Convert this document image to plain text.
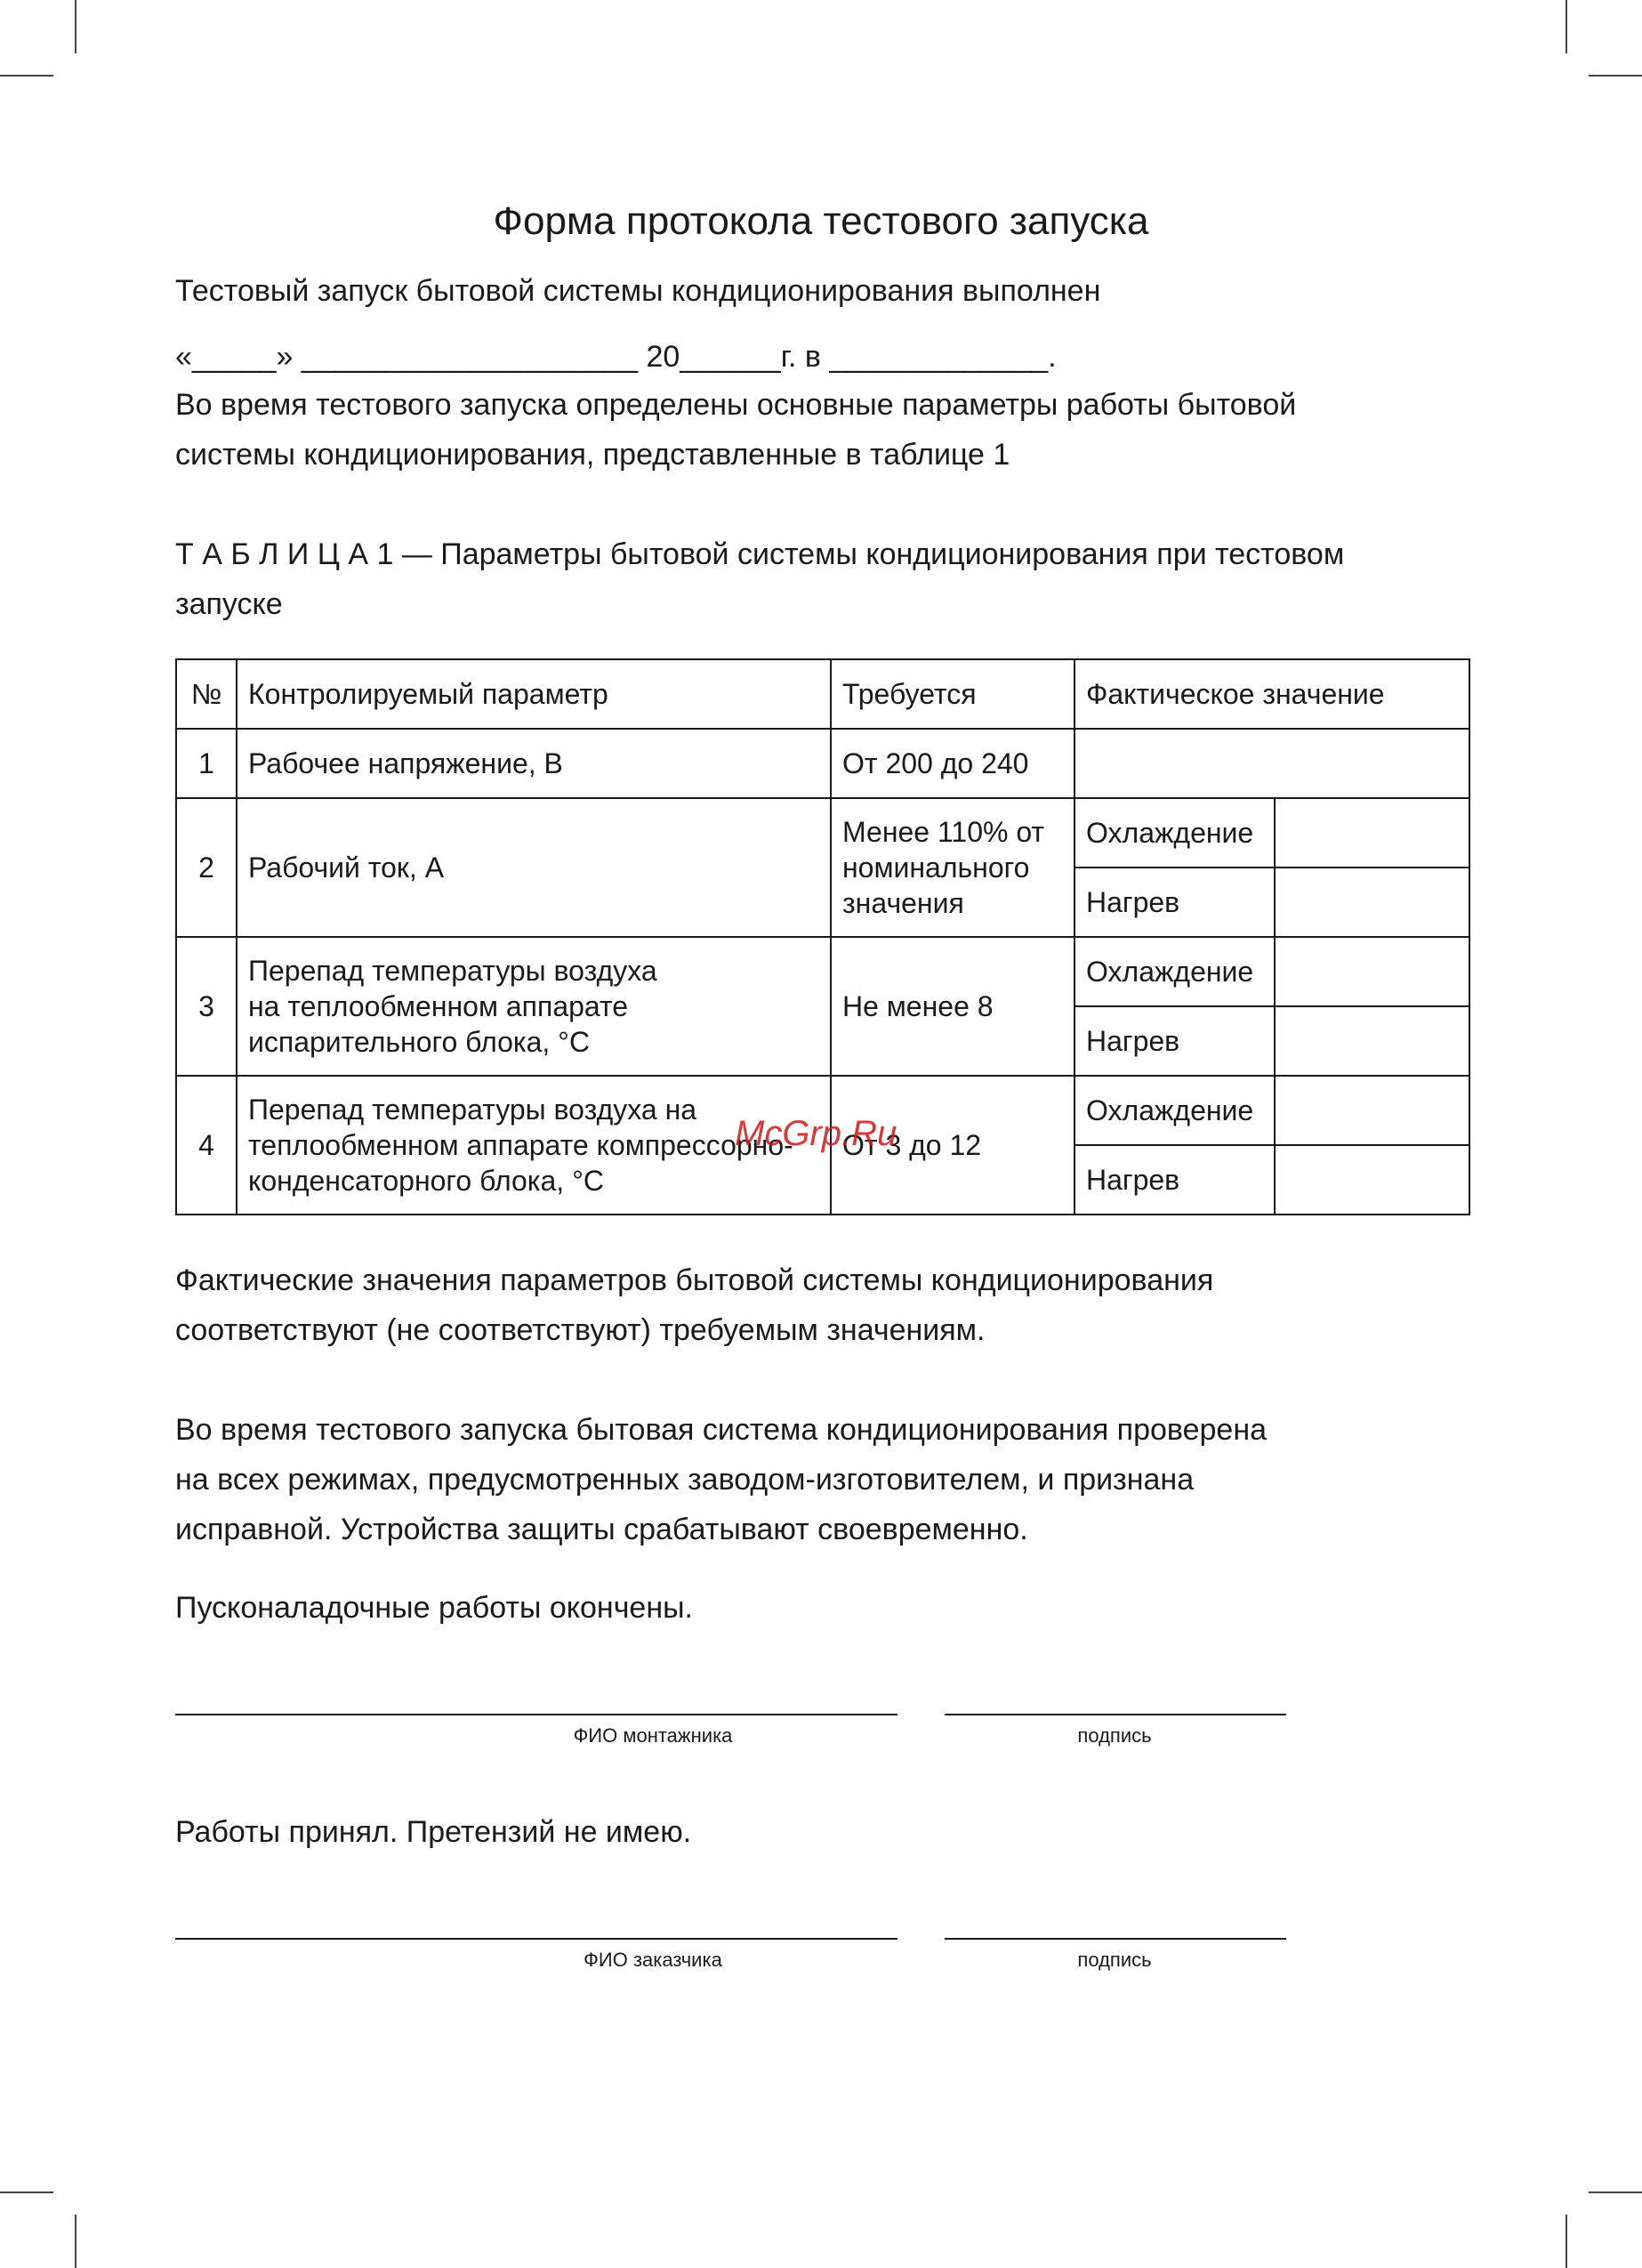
Форма протокола тестового запуска
Тестовый запуск бытовой системы кондиционирования выполнен
«_____» ____________________ 20______г. в _____________.
Во время тестового запуска определены основные параметры работы бытовой
системы кондиционирования, представленные в таблице 1
Т А Б Л И Ц А 1 — Параметры бытовой системы кондиционирования при тестовом
запуске
№	Контролируемый параметр	Требуется	Фактическое значение	
1	Рабочее напряжение, В	От 200 до 240		
2	Рабочий ток, А	Менее 110% от
номинального
значения	Охлаждение	
			Нагрев	
3	Перепад температуры воздуха
на теплообменном аппарате
испарительного блока, °C	Не менее 8	Охлаждение	
			Нагрев	
4	Перепад температуры воздуха на
теплообменном аппарате компрессорно-
конденсаторного блока, °C	От 3 до 12	Охлаждение	
			Нагрев	
McGrp.Ru
Фактические значения параметров бытовой системы кондиционирования
соответствуют (не соответствуют) требуемым значениям.
Во время тестового запуска бытовая система кондиционирования проверена
на всех режимах, предусмотренных заводом-изготовителем, и признана
исправной. Устройства защиты срабатывают своевременно.
Пусконаладочные работы окончены.
ФИО монтажника	подпись
Работы принял. Претензий не имею.
ФИО заказчика	подпись
